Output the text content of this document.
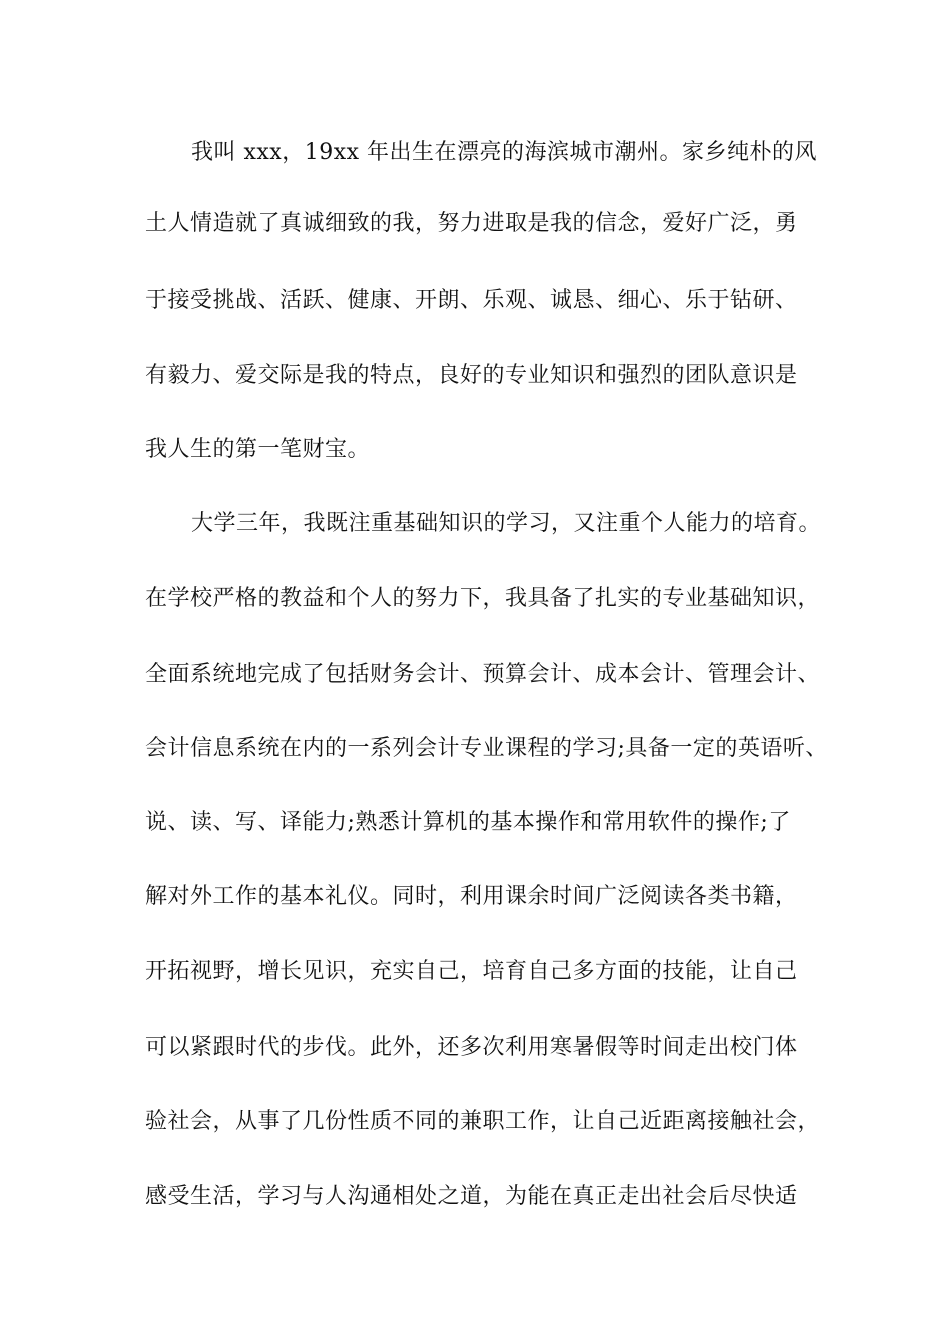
我叫 xxx，19xx 年出生在漂亮的海滨城市潮州。家乡纯朴的风
土人情造就了真诚细致的我，努力进取是我的信念，爱好广泛，勇
于接受挑战、活跃、健康、开朗、乐观、诚恳、细心、乐于钻研、
有毅力、爱交际是我的特点，良好的专业知识和强烈的团队意识是
我人生的第一笔财宝。
大学三年，我既注重基础知识的学习，又注重个人能力的培育。
在学校严格的教益和个人的努力下，我具备了扎实的专业基础知识，
全面系统地完成了包括财务会计、预算会计、成本会计、管理会计、
会计信息系统在内的一系列会计专业课程的学习;具备一定的英语听、
说、读、写、译能力;熟悉计算机的基本操作和常用软件的操作;了
解对外工作的基本礼仪。同时，利用课余时间广泛阅读各类书籍，
开拓视野，增长见识，充实自己，培育自己多方面的技能，让自己
可以紧跟时代的步伐。此外，还多次利用寒暑假等时间走出校门体
验社会，从事了几份性质不同的兼职工作，让自己近距离接触社会，
感受生活，学习与人沟通相处之道，为能在真正走出社会后尽快适
